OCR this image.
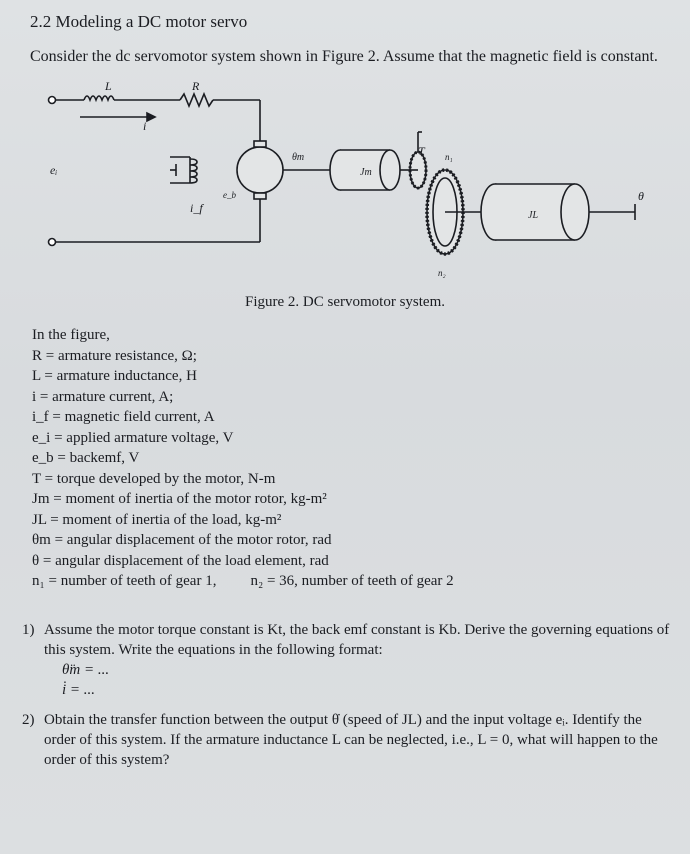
2.2 Modeling a DC motor servo
Consider the dc servomotor system shown in Figure 2. Assume that the magnetic field is constant.
L	R
i
eᵢ
i_f
e_b
θm
Jm
T n₁
n₂
JL
θ
Figure 2. DC servomotor system.
In the figure,
R = armature resistance, Ω;
L = armature inductance, H
i = armature current, A;
i_f = magnetic field current, A
e_i = applied armature voltage, V
e_b = backemf, V
T = torque developed by the motor, N-m
Jm = moment of inertia of the motor rotor, kg-m²
JL = moment of inertia of the load, kg-m²
θm = angular displacement of the motor rotor, rad
θ = angular displacement of the load element, rad
n₁ = number of teeth of gear 1, n₂ = 36, number of teeth of gear 2
1) Assume the motor torque constant is Kt, the back emf constant is Kb. Derive the governing equations of this system. Write the equations in the following format:
θ̈m = ...
i̇ = ...
2) Obtain the transfer function between the output θ̇ (speed of JL) and the input voltage eᵢ. Identify the order of this system. If the armature inductance L can be neglected, i.e., L = 0, what will happen to the order of this system?
